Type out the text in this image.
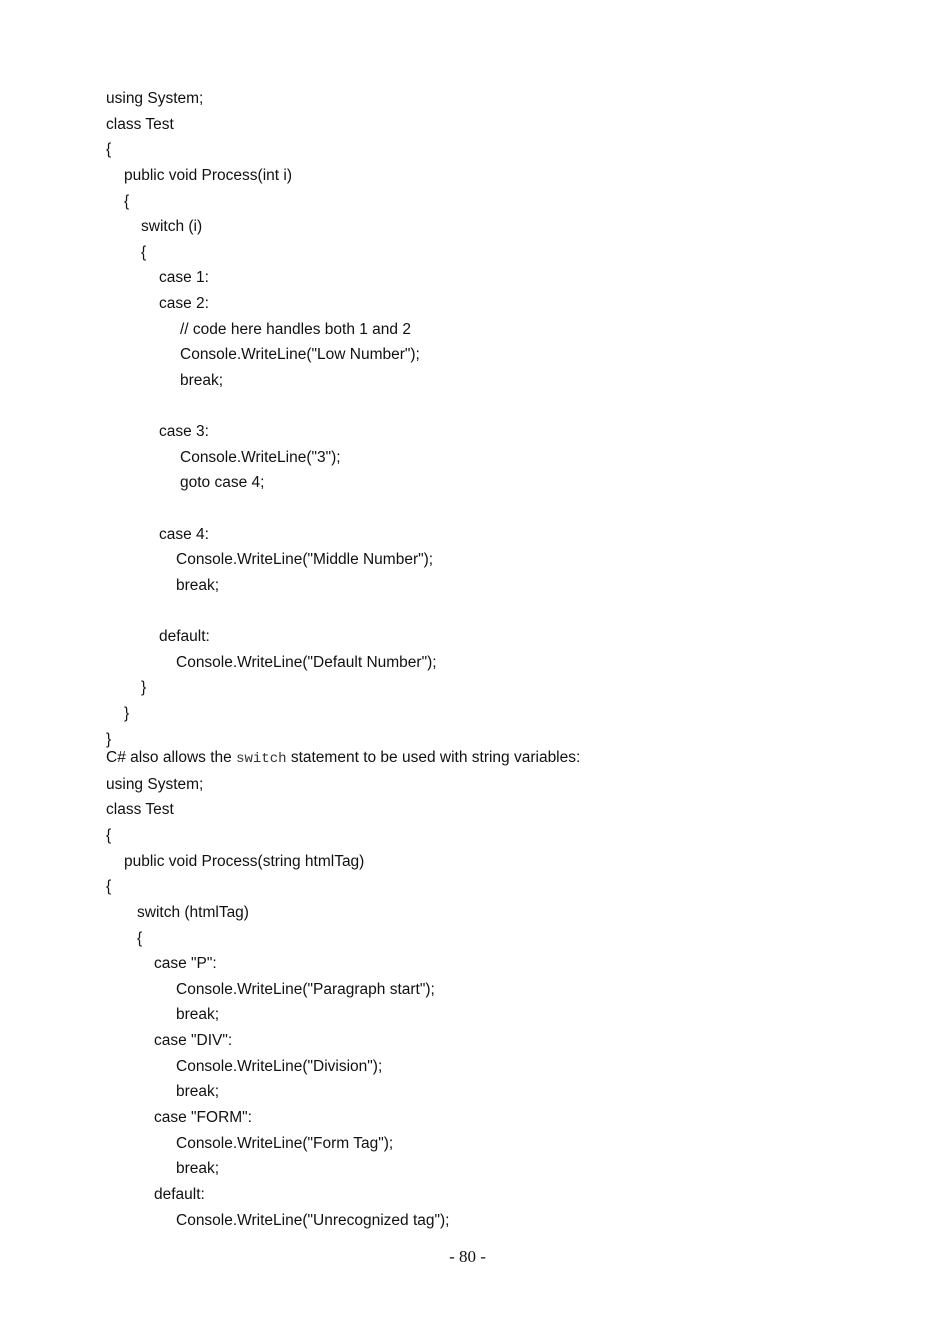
using System;
class Test
{
public void Process(int i)
{
switch (i)
{
case 1:
case 2:
// code here handles both 1 and 2
Console.WriteLine("Low Number");
break;
case 3:
Console.WriteLine("3");
goto case 4;
case 4:
Console.WriteLine("Middle Number");
break;
default:
Console.WriteLine("Default Number");
}
}
}
C# also allows the switch statement to be used with string variables:
using System;
class Test
{
public void Process(string htmlTag)
{
switch (htmlTag)
{
case "P":
Console.WriteLine("Paragraph start");
break;
case "DIV":
Console.WriteLine("Division");
break;
case "FORM":
Console.WriteLine("Form Tag");
break;
default:
Console.WriteLine("Unrecognized tag");
- 80 -
